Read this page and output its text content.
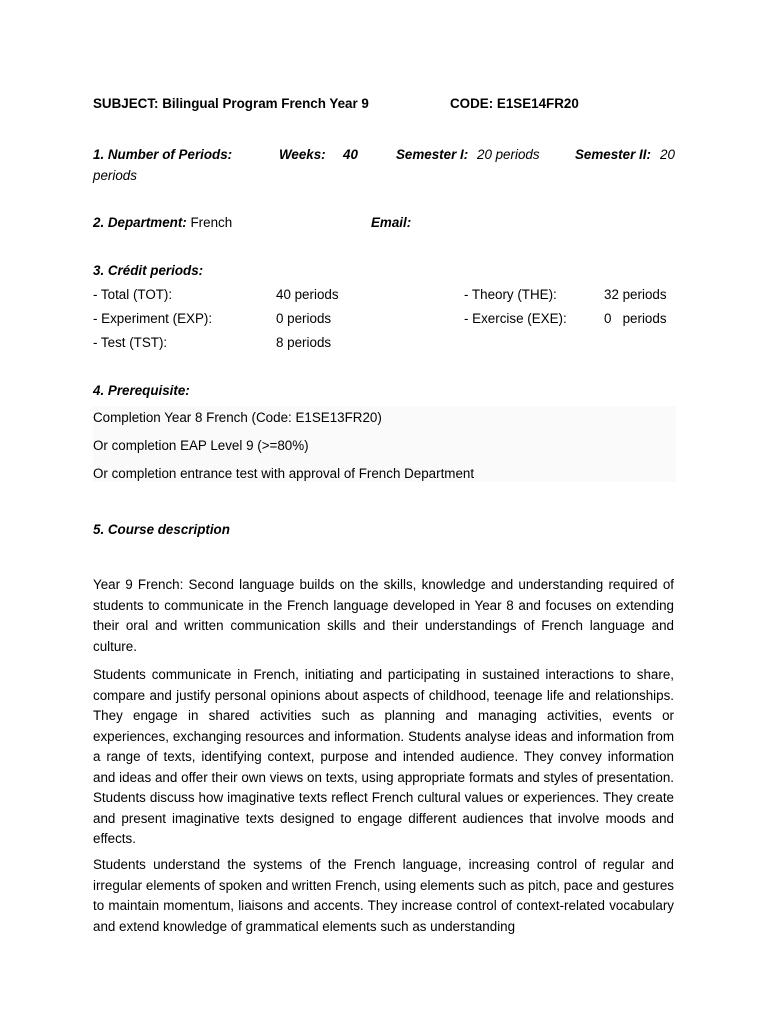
SUBJECT: Bilingual Program French Year 9	CODE: E1SE14FR20
1. Number of Periods:	Weeks: 40	Semester I: 20 periods	Semester II: 20
periods
2. Department: French	Email:
3. Crédit periods:
- Total (TOT):	40 periods	- Theory (THE):	32 periods
- Experiment (EXP):	0 periods	- Exercise (EXE):	0   periods
- Test (TST):	8 periods
4. Prerequisite:
Completion Year 8 French (Code: E1SE13FR20)
Or completion EAP Level 9 (>=80%)
Or completion entrance test with approval of French Department
5. Course description
Year 9 French: Second language builds on the skills, knowledge and understanding required of students to communicate in the French language developed in Year 8 and focuses on extending their oral and written communication skills and their understandings of French language and culture.
Students communicate in French, initiating and participating in sustained interactions to share, compare and justify personal opinions about aspects of childhood, teenage life and relationships. They engage in shared activities such as planning and managing activities, events or experiences, exchanging resources and information. Students analyse ideas and information from a range of texts, identifying context, purpose and intended audience. They convey information and ideas and offer their own views on texts, using appropriate formats and styles of presentation. Students discuss how imaginative texts reflect French cultural values or experiences. They create and present imaginative texts designed to engage different audiences that involve moods and effects.
Students understand the systems of the French language, increasing control of regular and irregular elements of spoken and written French, using elements such as pitch, pace and gestures to maintain momentum, liaisons and accents. They increase control of context-related vocabulary and extend knowledge of grammatical elements such as understanding
